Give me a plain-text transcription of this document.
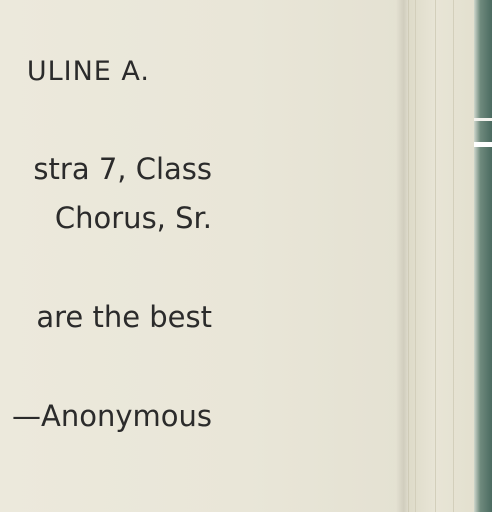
ULINE A.
stra 7, Class
Chorus, Sr.
are the best
—Anonymous
